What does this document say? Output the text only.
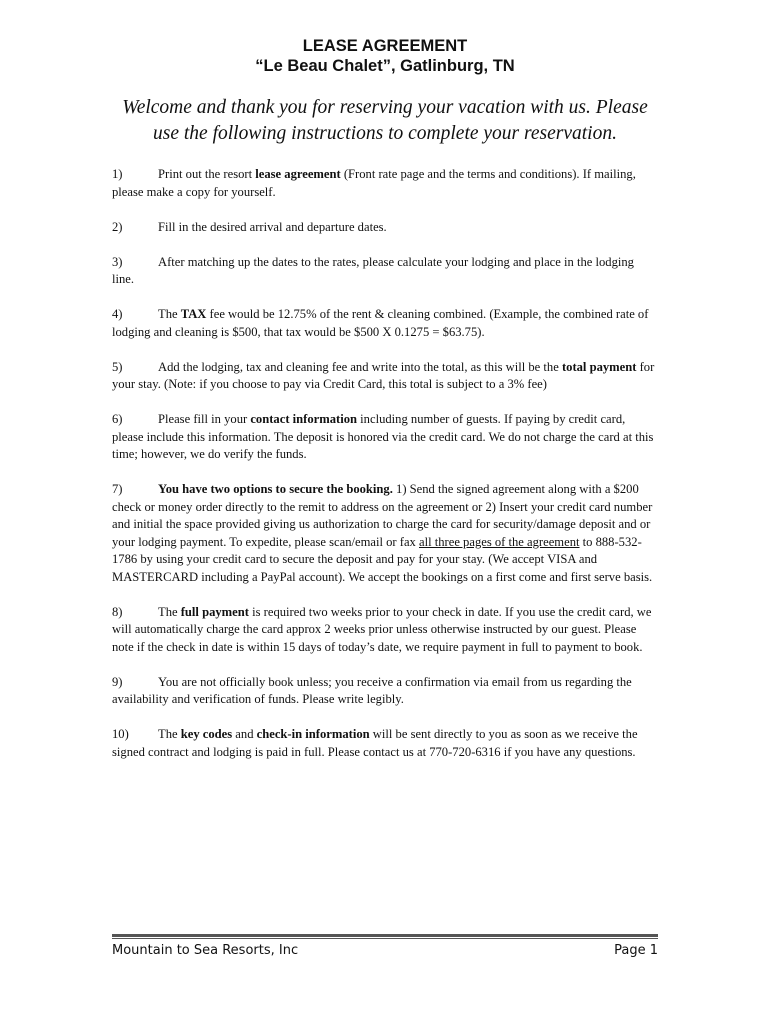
LEASE AGREEMENT
“Le Beau Chalet”, Gatlinburg, TN

Welcome and thank you for reserving your vacation with us. Please use the following instructions to complete your reservation.

1)	Print out the resort lease agreement (Front rate page and the terms and conditions). If mailing, please make a copy for yourself.
2)	Fill in the desired arrival and departure dates.
3)	After matching up the dates to the rates, please calculate your lodging and place in the lodging line.
4)	The TAX fee would be 12.75% of the rent & cleaning combined. (Example, the combined rate of lodging and cleaning is $500, that tax would be $500 X 0.1275 = $63.75).
5)	Add the lodging, tax and cleaning fee and write into the total, as this will be the total payment for your stay. (Note: if you choose to pay via Credit Card, this total is subject to a 3% fee)
6)	Please fill in your contact information including number of guests. If paying by credit card, please include this information. The deposit is honored via the credit card. We do not charge the card at this time; however, we do verify the funds.
7)	You have two options to secure the booking. 1) Send the signed agreement along with a $200 check or money order directly to the remit to address on the agreement or 2) Insert your credit card number and initial the space provided giving us authorization to charge the card for security/damage deposit and or your lodging payment. To expedite, please scan/email or fax all three pages of the agreement to 888-532-1786 by using your credit card to secure the deposit and pay for your stay. (We accept VISA and MASTERCARD including a PayPal account). We accept the bookings on a first come and first serve basis.
8)	The full payment is required two weeks prior to your check in date. If you use the credit card, we will automatically charge the card approx 2 weeks prior unless otherwise instructed by our guest. Please note if the check in date is within 15 days of today’s date, we require payment in full to payment to book.
9)	You are not officially book unless; you receive a confirmation via email from us regarding the availability and verification of funds. Please write legibly.
10) The key codes and check-in information will be sent directly to you as soon as we receive the signed contract and lodging is paid in full. Please contact us at 770-720-6316 if you have any questions.
Mountain to Sea Resorts, Inc	Page 1
